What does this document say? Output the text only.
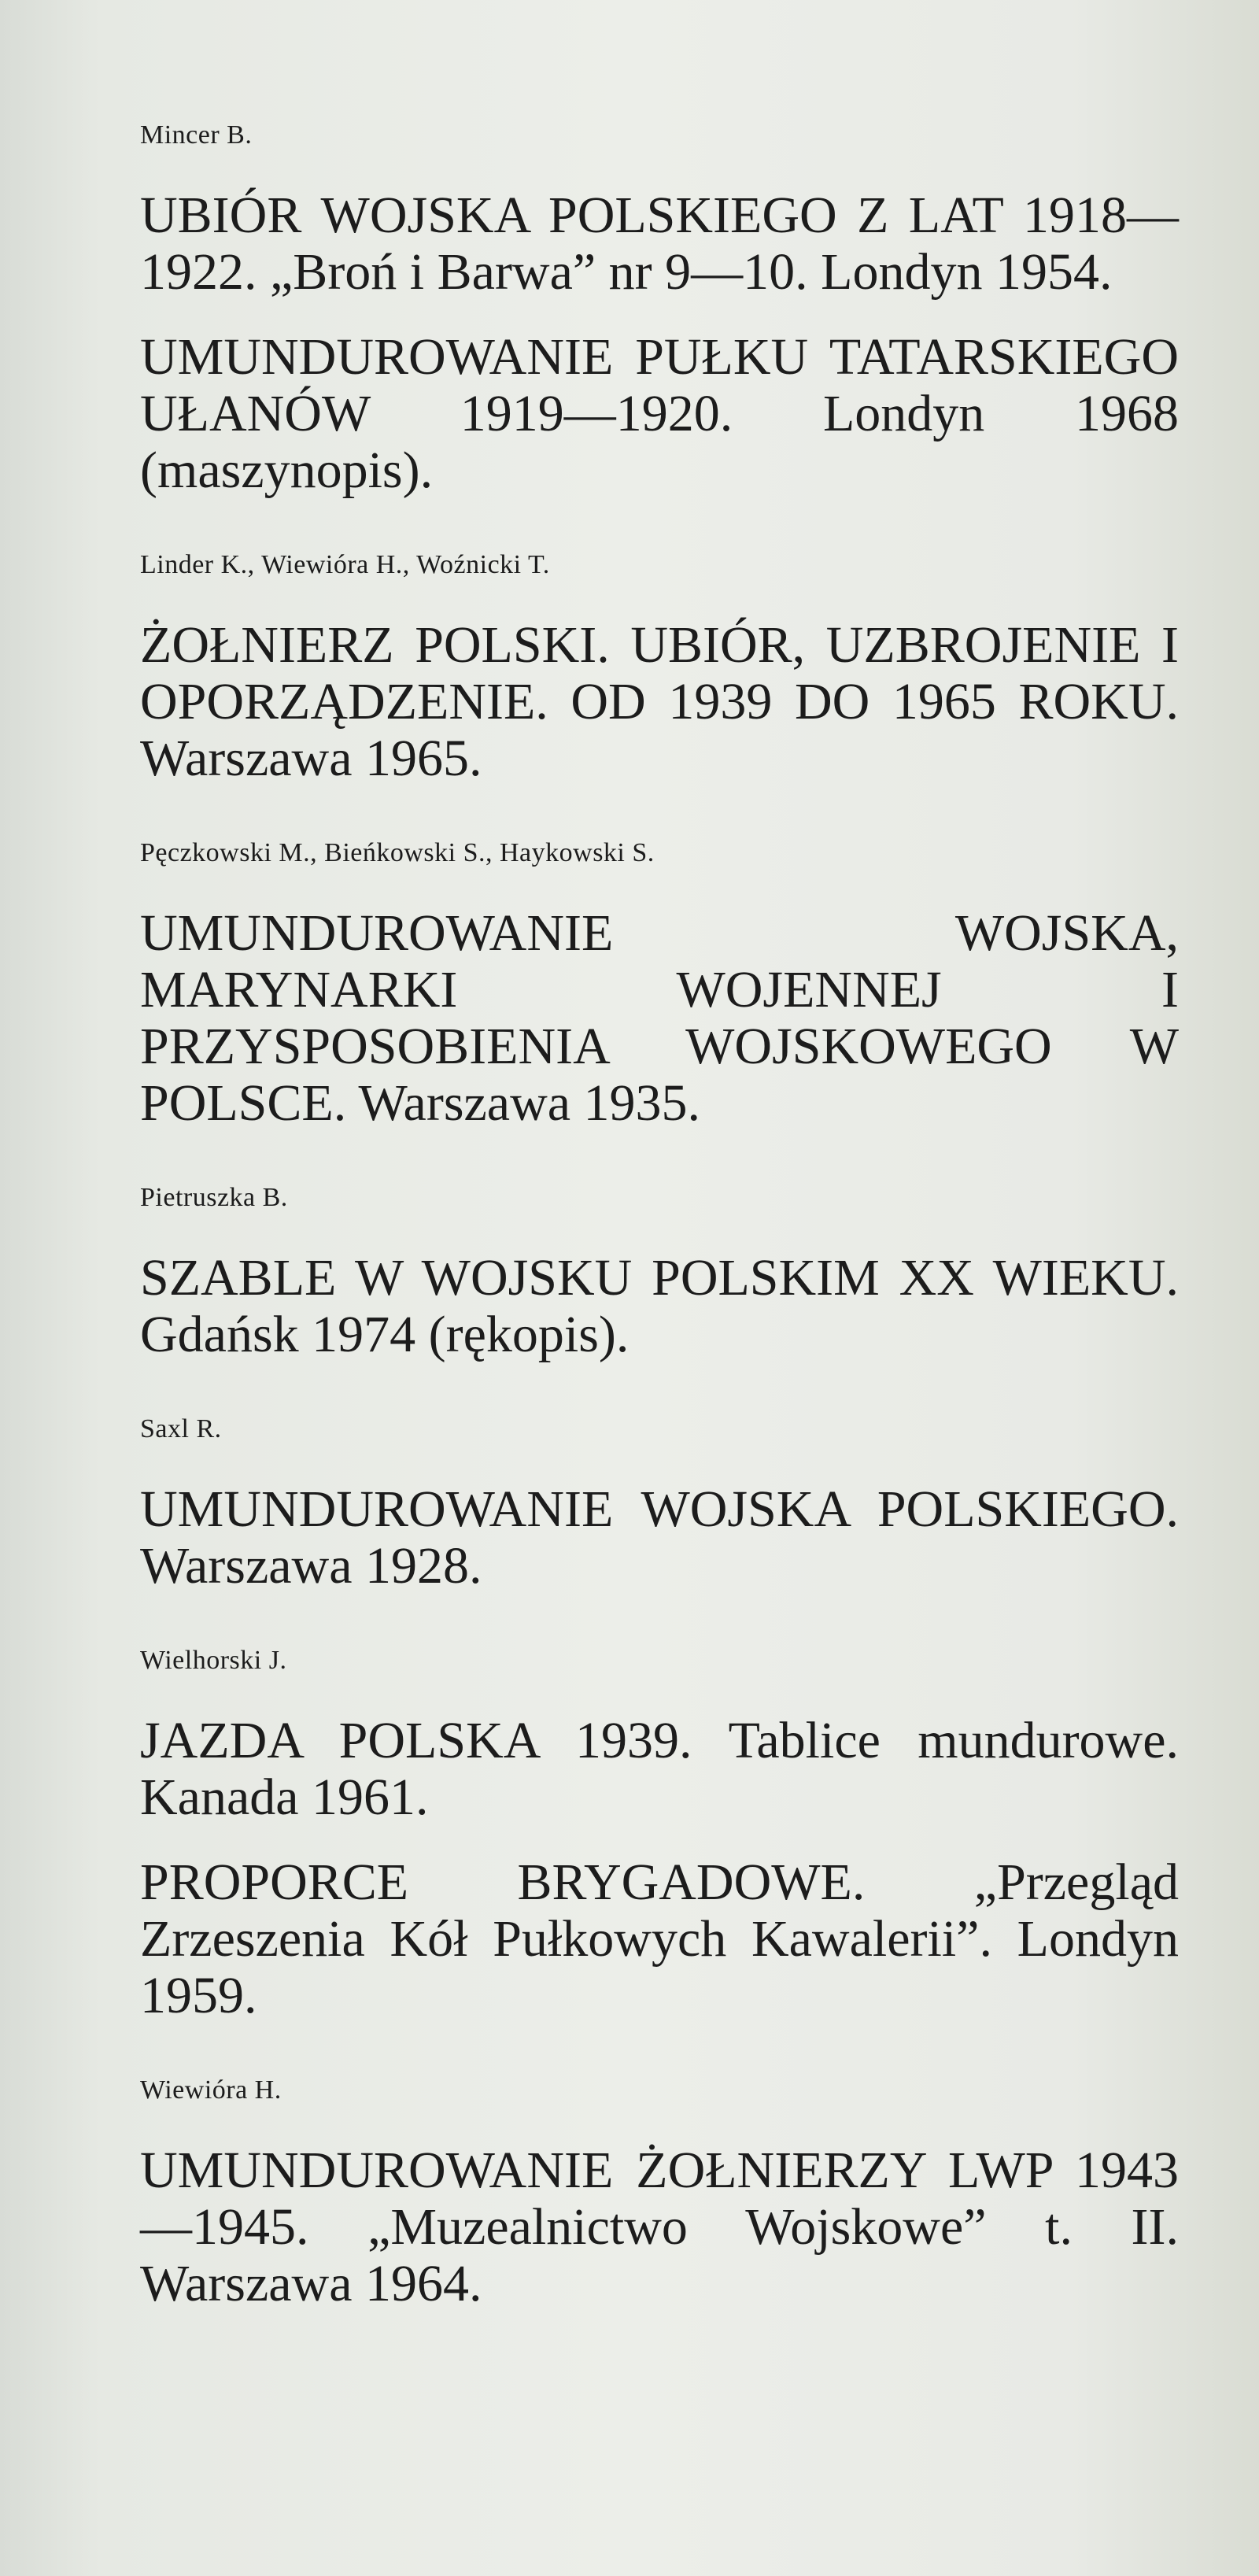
Mincer B.

UBIÓR WOJSKA POLSKIEGO Z LAT 1918—1922. „Broń i Barwa” nr 9—10. Londyn 1954.

UMUNDUROWANIE PUŁKU TATARSKIEGO UŁANÓW 1919—1920. Londyn 1968 (maszynopis).

Linder K., Wiewióra H., Woźnicki T.

ŻOŁNIERZ POLSKI. UBIÓR, UZBROJENIE I OPORZĄDZENIE. OD 1939 DO 1965 ROKU. Warszawa 1965.

Pęczkowski M., Bieńkowski S., Haykowski S.

UMUNDUROWANIE WOJSKA, MARYNARKI WOJENNEJ I PRZYSPOSOBIENIA WOJSKOWEGO W POLSCE. Warszawa 1935.

Pietruszka B.

SZABLE W WOJSKU POLSKIM XX WIEKU. Gdańsk 1974 (rękopis).

Saxl R.

UMUNDUROWANIE WOJSKA POLSKIEGO. Warszawa 1928.

Wielhorski J.

JAZDA POLSKA 1939. Tablice mundurowe. Kanada 1961.

PROPORCE BRYGADOWE. „Przegląd Zrzeszenia Kół Pułkowych Kawalerii”. Londyn 1959.

Wiewióra H.

UMUNDUROWANIE ŻOŁNIERZY LWP 1943—1945. „Muzealnictwo Wojskowe” t. II. Warszawa 1964.
